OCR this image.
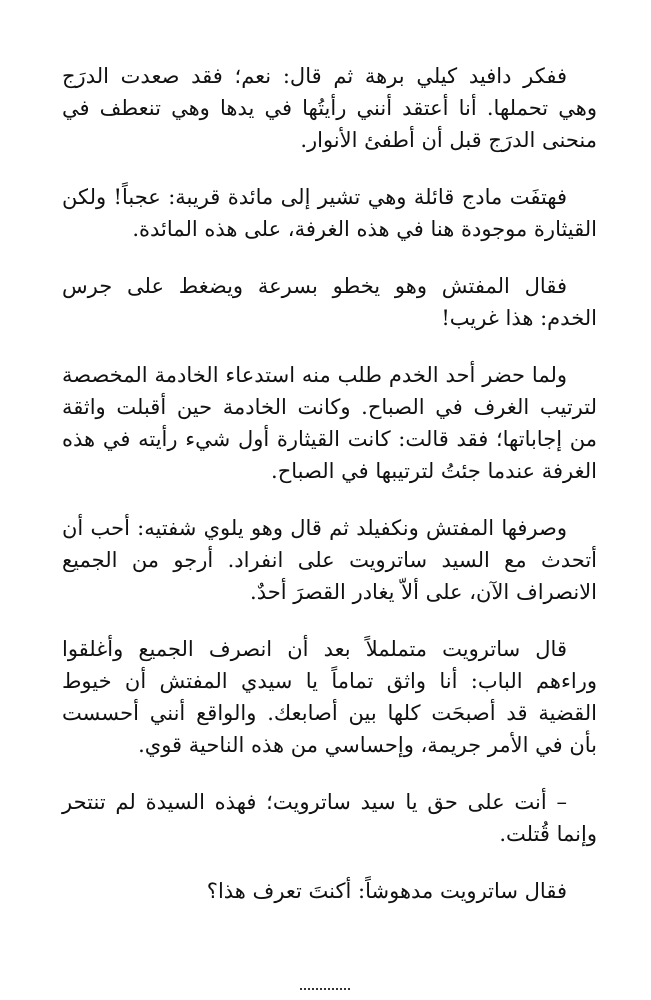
ففكر دافيد كيلي برهة ثم قال: نعم؛ فقد صعدت الدرَج وهي تحملها. أنا أعتقد أنني رأيتُها في يدها وهي تنعطف في منحنى الدرَج قبل أن أطفئ الأنوار.

فهتفَت مادج قائلة وهي تشير إلى مائدة قريبة: عجباً! ولكن القيثارة موجودة هنا في هذه الغرفة، على هذه المائدة.

فقال المفتش وهو يخطو بسرعة ويضغط على جرس الخدم: هذا غريب!

ولما حضر أحد الخدم طلب منه استدعاء الخادمة المخصصة لترتيب الغرف في الصباح. وكانت الخادمة حين أقبلت واثقة من إجاباتها؛ فقد قالت: كانت القيثارة أول شيء رأيته في هذه الغرفة عندما جئتُ لترتيبها في الصباح.

وصرفها المفتش ونكفيلد ثم قال وهو يلوي شفتيه: أحب أن أتحدث مع السيد ساترويت على انفراد. أرجو من الجميع الانصراف الآن، على ألاّ يغادر القصرَ أحدٌ.

قال ساترويت متململاً بعد أن انصرف الجميع وأغلقوا وراءهم الباب: أنا واثق تماماً يا سيدي المفتش أن خيوط القضية قد أصبحَت كلها بين أصابعك. والواقع أنني أحسست بأن في الأمر جريمة، وإحساسي من هذه الناحية قوي.

– أنت على حق يا سيد ساترويت؛ فهذه السيدة لم تنتحر وإنما قُتلت.

فقال ساترويت مدهوشاً: أكنتَ تعرف هذا؟
